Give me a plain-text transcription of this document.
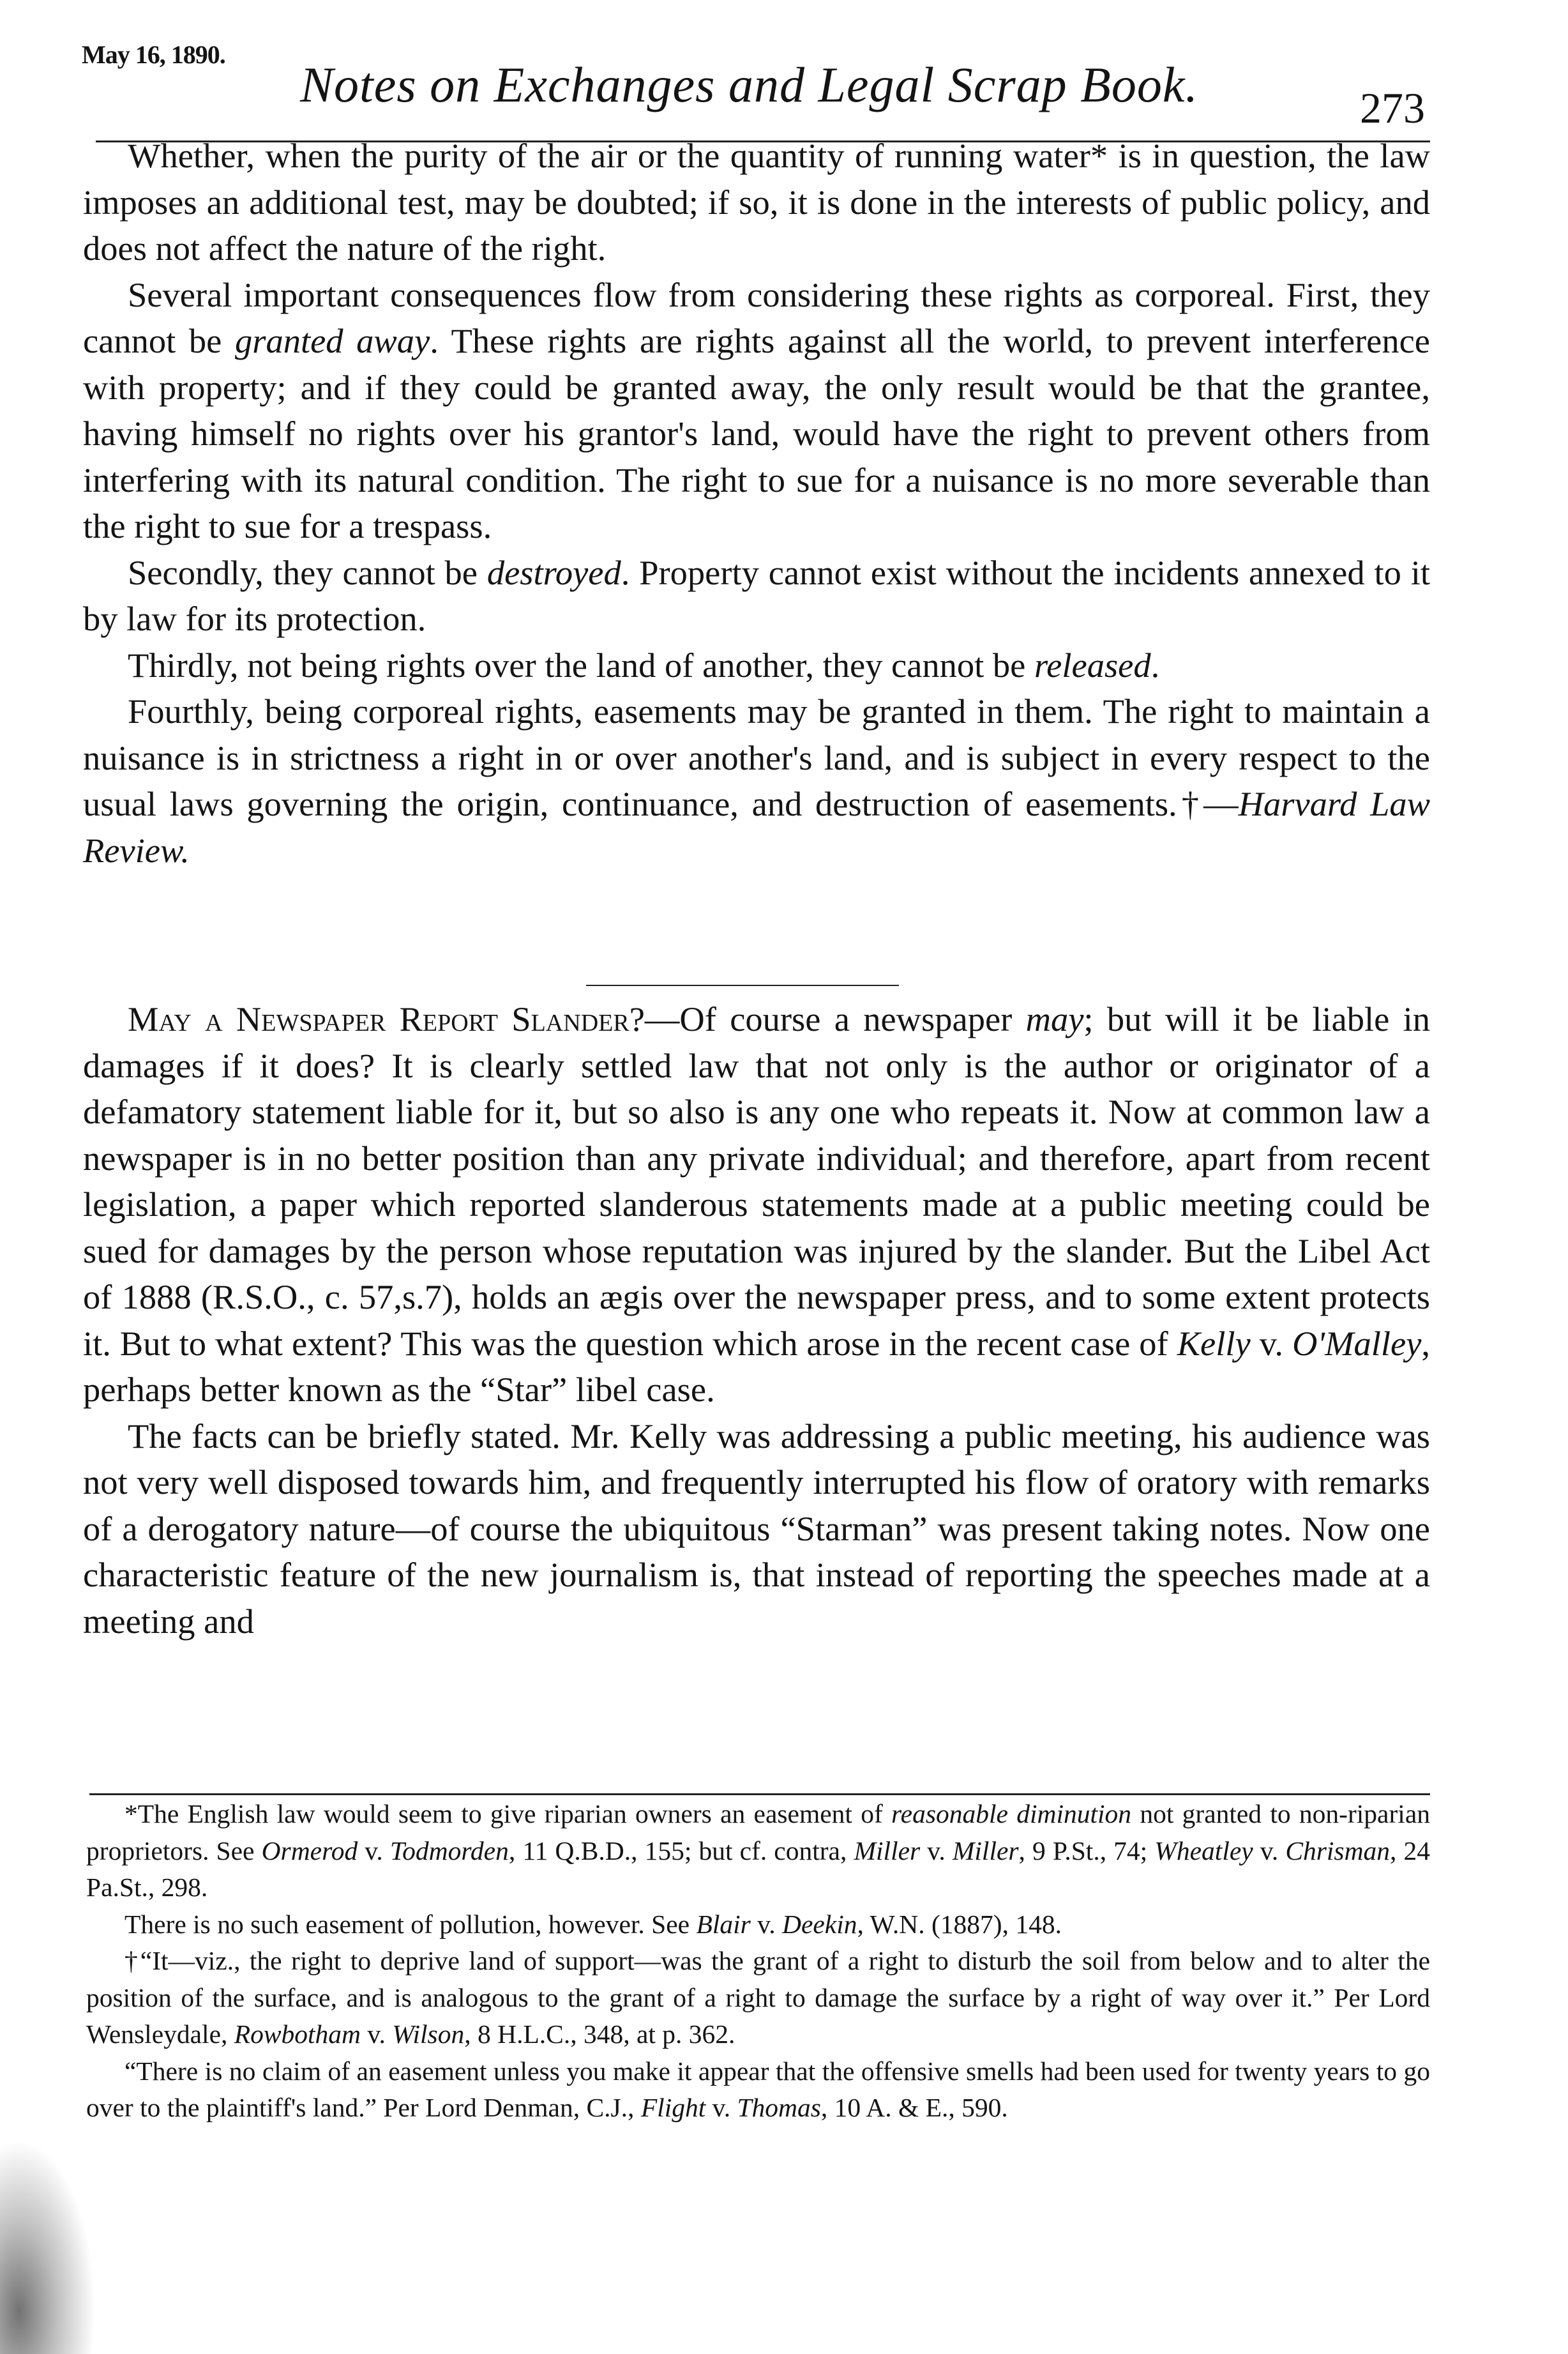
May 16, 1890.
Notes on Exchanges and Legal Scrap Book.	273

Whether, when the purity of the air or the quantity of running water* is in question, the law imposes an additional test, may be doubted; if so, it is done in the interests of public policy, and does not affect the nature of the right.

Several important consequences flow from considering these rights as corporeal. First, they cannot be granted away. These rights are rights against all the world, to prevent interference with property; and if they could be granted away, the only result would be that the grantee, having himself no rights over his grantor's land, would have the right to prevent others from interfering with its natural condition. The right to sue for a nuisance is no more severable than the right to sue for a trespass.

Secondly, they cannot be destroyed. Property cannot exist without the incidents annexed to it by law for its protection.

Thirdly, not being rights over the land of another, they cannot be released.

Fourthly, being corporeal rights, easements may be granted in them. The right to maintain a nuisance is in strictness a right in or over another's land, and is subject in every respect to the usual laws governing the origin, continuance, and destruction of easements.†—Harvard Law Review.

May a Newspaper Report Slander?—Of course a newspaper may; but will it be liable in damages if it does? It is clearly settled law that not only is the author or originator of a defamatory statement liable for it, but so also is any one who repeats it. Now at common law a newspaper is in no better position than any private individual; and therefore, apart from recent legislation, a paper which reported slanderous statements made at a public meeting could be sued for damages by the person whose reputation was injured by the slander. But the Libel Act of 1888 (R.S.O., c. 57,s.7), holds an ægis over the newspaper press, and to some extent protects it. But to what extent? This was the question which arose in the recent case of Kelly v. O'Malley, perhaps better known as the “Star” libel case.

The facts can be briefly stated. Mr. Kelly was addressing a public meeting, his audience was not very well disposed towards him, and frequently interrupted his flow of oratory with remarks of a derogatory nature—of course the ubiquitous “Starman” was present taking notes. Now one characteristic feature of the new journalism is, that instead of reporting the speeches made at a meeting and

*The English law would seem to give riparian owners an easement of reasonable diminution not granted to non-riparian proprietors. See Ormerod v. Todmorden, 11 Q.B.D., 155; but cf. contra, Miller v. Miller, 9 P.St., 74; Wheatley v. Chrisman, 24 Pa.St., 298.

There is no such easement of pollution, however. See Blair v. Deekin, W.N. (1887), 148.

†“It—viz., the right to deprive land of support—was the grant of a right to disturb the soil from below and to alter the position of the surface, and is analogous to the grant of a right to damage the surface by a right of way over it.” Per Lord Wensleydale, Rowbotham v. Wilson, 8 H.L.C., 348, at p. 362.

“There is no claim of an easement unless you make it appear that the offensive smells had been used for twenty years to go over to the plaintiff's land.” Per Lord Denman, C.J., Flight v. Thomas, 10 A. & E., 590.
